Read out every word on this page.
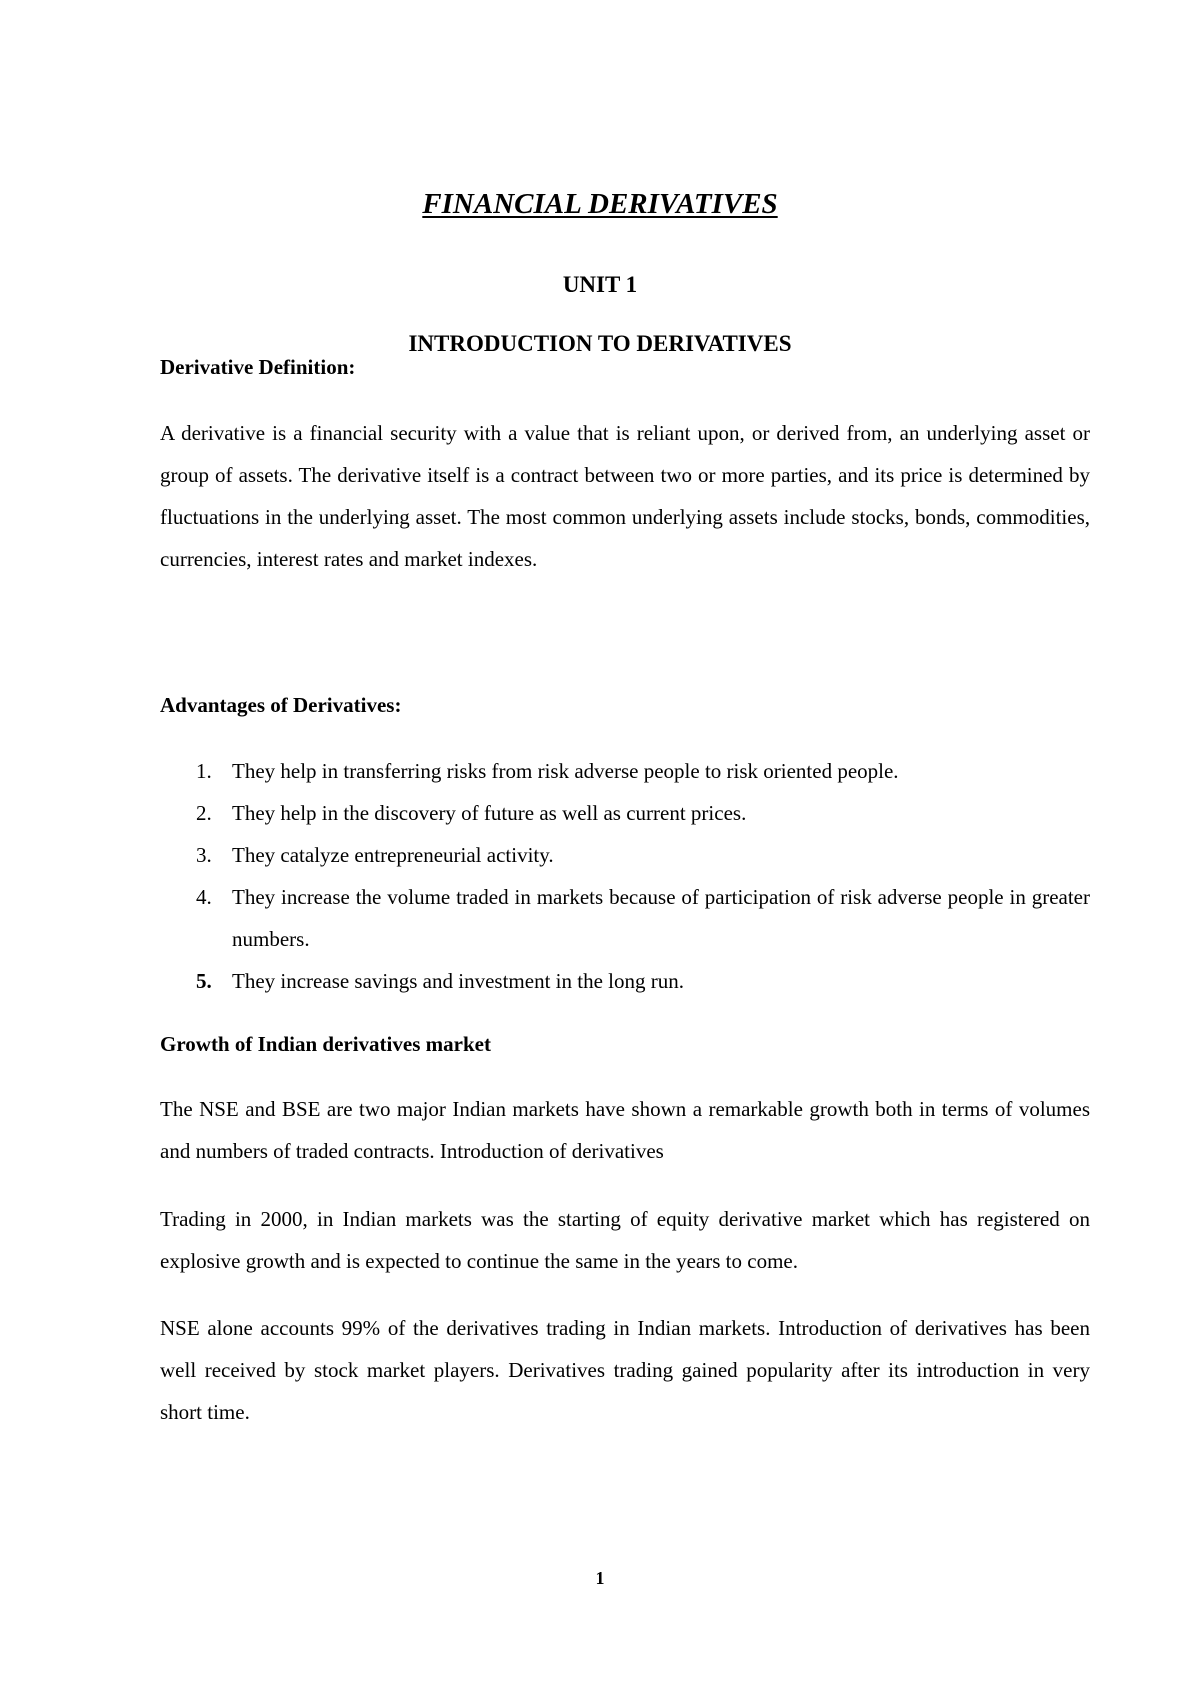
FINANCIAL DERIVATIVES
UNIT 1
INTRODUCTION TO DERIVATIVES
Derivative Definition:

A derivative is a financial security with a value that is reliant upon, or derived from, an underlying asset or group of assets. The derivative itself is a contract between two or more parties, and its price is determined by fluctuations in the underlying asset. The most common underlying assets include stocks, bonds, commodities, currencies, interest rates and market indexes.

Advantages of Derivatives:
1. They help in transferring risks from risk adverse people to risk oriented people.
2. They help in the discovery of future as well as current prices.
3. They catalyze entrepreneurial activity.
4. They increase the volume traded in markets because of participation of risk adverse people in greater numbers.
5. They increase savings and investment in the long run.
Growth of Indian derivatives market

The NSE and BSE are two major Indian markets have shown a remarkable growth both in terms of volumes and numbers of traded contracts. Introduction of derivatives

Trading in 2000, in Indian markets was the starting of equity derivative market which has registered on explosive growth and is expected to continue the same in the years to come.

NSE alone accounts 99% of the derivatives trading in Indian markets. Introduction of derivatives has been well received by stock market players. Derivatives trading gained popularity after its introduction in very short time.

1
